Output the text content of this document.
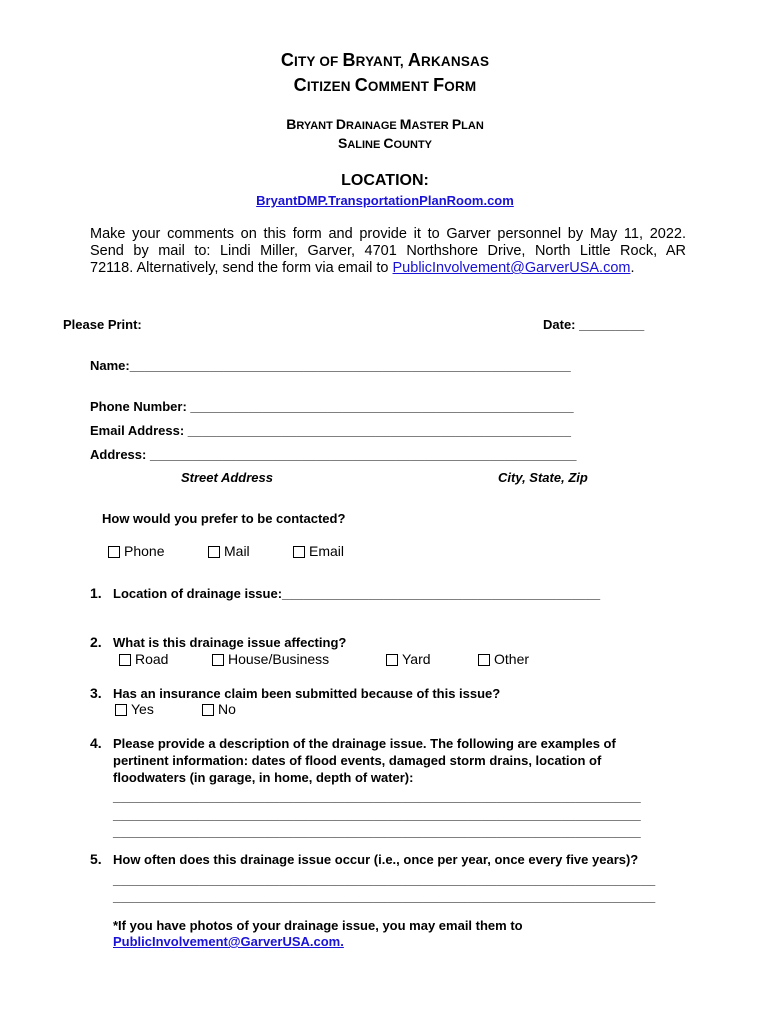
CITY OF BRYANT, ARKANSAS
CITIZEN COMMENT FORM
BRYANT DRAINAGE MASTER PLAN
SALINE COUNTY
LOCATION:
BryantDMP.TransportationPlanRoom.com
Make your comments on this form and provide it to Garver personnel by May 11, 2022.
Send by mail to: Lindi Miller, Garver, 4701 Northshore Drive, North Little Rock, AR
72118. Alternatively, send the form via email to PublicInvolvement@GarverUSA.com.
Please Print:	Date: _________
Name:_____________________________________________________________
Phone Number: _____________________________________________________
Email Address: _____________________________________________________
Address: ___________________________________________________________
Street Address	City, State, Zip
How would you prefer to be contacted?
Phone	Mail	Email
1. Location of drainage issue:____________________________________________
2. What is this drainage issue affecting?
Road	House/Business	Yard	Other
3. Has an insurance claim been submitted because of this issue?
Yes	No
4. Please provide a description of the drainage issue. The following are examples of
pertinent information: dates of flood events, damaged storm drains, location of
floodwaters (in garage, in home, depth of water):
_________________________________________________________________________
_________________________________________________________________________
_________________________________________________________________________
5. How often does this drainage issue occur (i.e., once per year, once every five years)?
___________________________________________________________________________
___________________________________________________________________________
*If you have photos of your drainage issue, you may email them to
PublicInvolvement@GarverUSA.com.
